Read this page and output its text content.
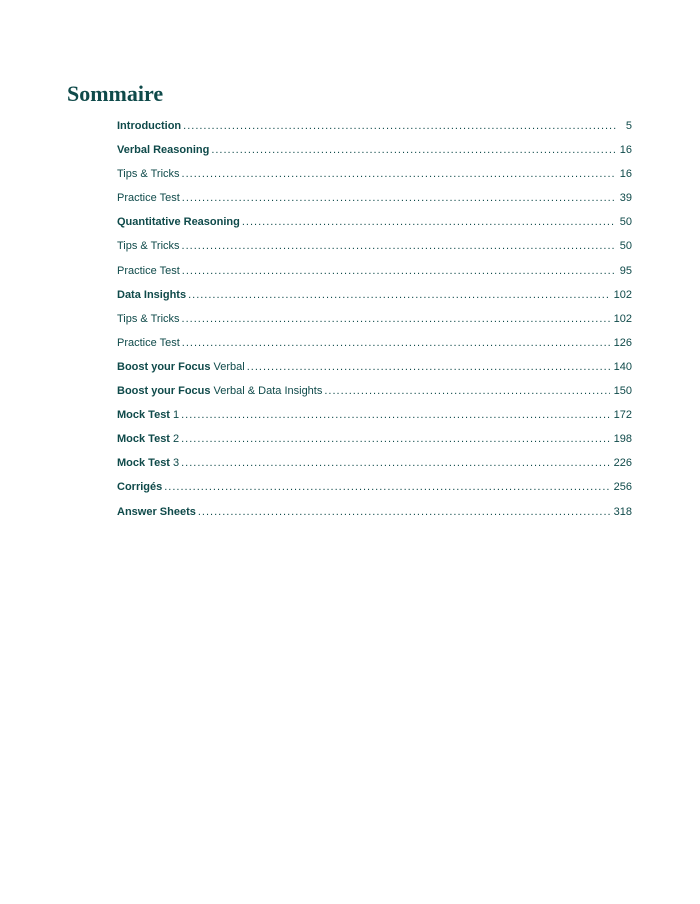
Sommaire
Introduction .....	5
Verbal Reasoning .....	16
Tips & Tricks .....	16
Practice Test .....	39
Quantitative Reasoning .....	50
Tips & Tricks .....	50
Practice Test .....	95
Data Insights .....	102
Tips & Tricks .....	102
Practice Test .....	126
Boost your Focus Verbal .....	140
Boost your Focus Verbal & Data Insights .....	150
Mock Test 1 .....	172
Mock Test 2 .....	198
Mock Test 3 .....	226
Corrigés .....	256
Answer Sheets .....	318
